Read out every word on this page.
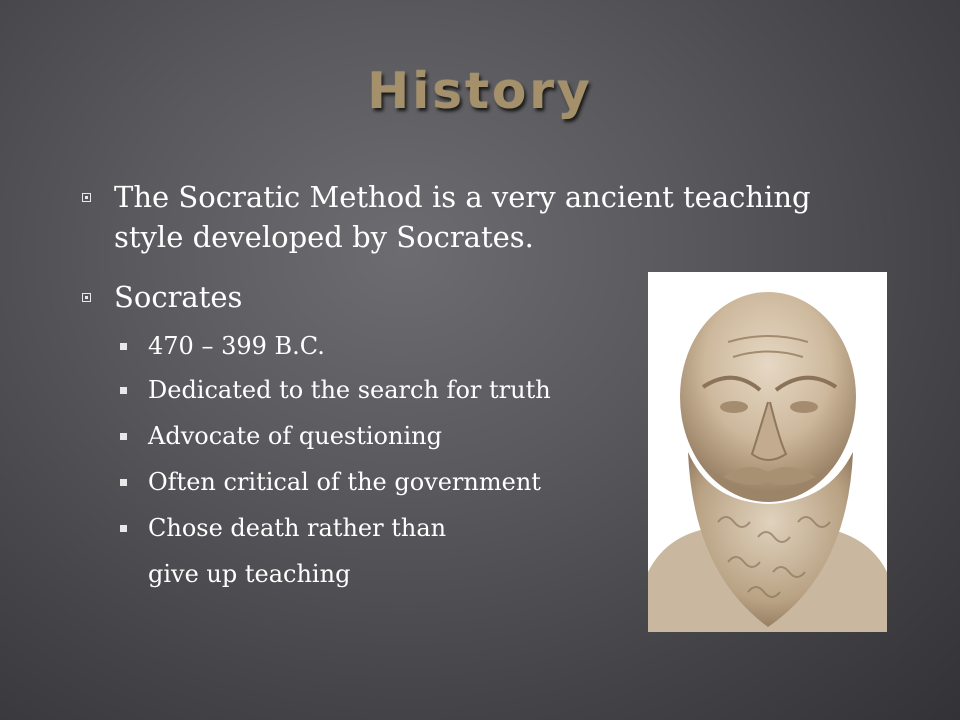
History
The Socratic Method is a very ancient teaching
style developed by Socrates.
Socrates
470 – 399 B.C.
Dedicated to the search for truth
Advocate of questioning
Often critical of the government
Chose death rather than
give up teaching
